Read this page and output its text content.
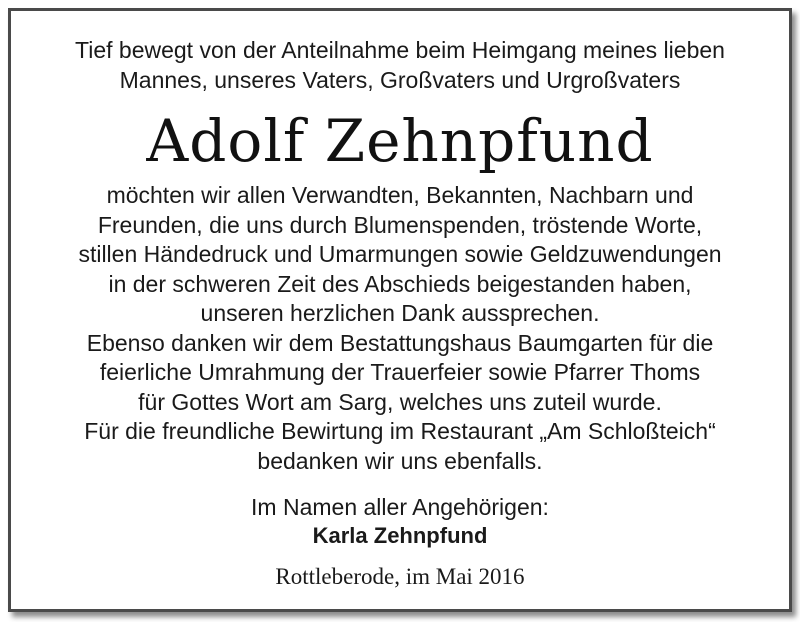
Tief bewegt von der Anteilnahme beim Heimgang meines lieben
Mannes, unseres Vaters, Großvaters und Urgroßvaters
Adolf Zehnpfund
möchten wir allen Verwandten, Bekannten, Nachbarn und
Freunden, die uns durch Blumenspenden, tröstende Worte,
stillen Händedruck und Umarmungen sowie Geldzuwendungen
in der schweren Zeit des Abschieds beigestanden haben,
unseren herzlichen Dank aussprechen.
Ebenso danken wir dem Bestattungshaus Baumgarten für die
feierliche Umrahmung der Trauerfeier sowie Pfarrer Thoms
für Gottes Wort am Sarg, welches uns zuteil wurde.
Für die freundliche Bewirtung im Restaurant „Am Schloßteich“
bedanken wir uns ebenfalls.
Im Namen aller Angehörigen:
Karla Zehnpfund
Rottleberode, im Mai 2016
